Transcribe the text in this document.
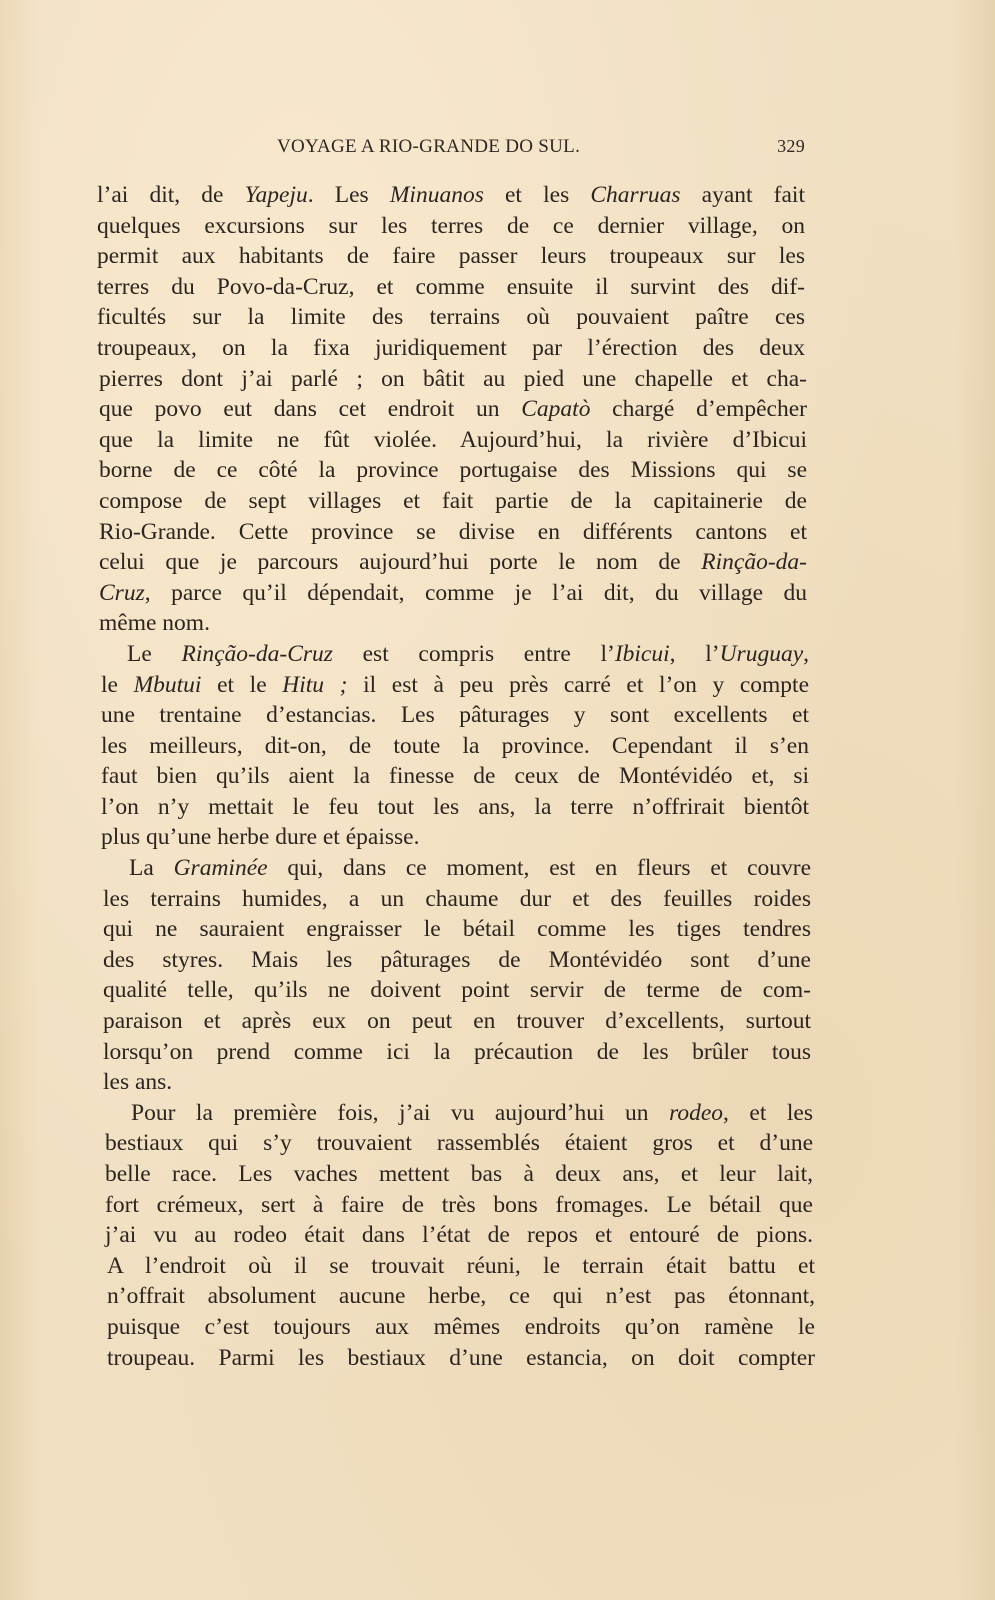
VOYAGE A RIO-GRANDE DO SUL.	329
l’ai dit, de Yapeju. Les Minuanos et les Charruas ayant fait
quelques excursions sur les terres de ce dernier village, on
permit aux habitants de faire passer leurs troupeaux sur les
terres du Povo-da-Cruz, et comme ensuite il survint des dif-
ficultés sur la limite des terrains où pouvaient paître ces
troupeaux, on la fixa juridiquement par l’érection des deux
pierres dont j’ai parlé ; on bâtit au pied une chapelle et cha-
que povo eut dans cet endroit un Capatò chargé d’empêcher
que la limite ne fût violée. Aujourd’hui, la rivière d’Ibicui
borne de ce côté la province portugaise des Missions qui se
compose de sept villages et fait partie de la capitainerie de
Rio-Grande. Cette province se divise en différents cantons et
celui que je parcours aujourd’hui porte le nom de Rinção-da-
Cruz, parce qu’il dépendait, comme je l’ai dit, du village du
même nom.
Le Rinção-da-Cruz est compris entre l’Ibicui, l’Uruguay,
le Mbutui et le Hitu ; il est à peu près carré et l’on y compte
une trentaine d’estancias. Les pâturages y sont excellents et
les meilleurs, dit-on, de toute la province. Cependant il s’en
faut bien qu’ils aient la finesse de ceux de Montévidéo et, si
l’on n’y mettait le feu tout les ans, la terre n’offrirait bientôt
plus qu’une herbe dure et épaisse.
La Graminée qui, dans ce moment, est en fleurs et couvre
les terrains humides, a un chaume dur et des feuilles roides
qui ne sauraient engraisser le bétail comme les tiges tendres
des styres. Mais les pâturages de Montévidéo sont d’une
qualité telle, qu’ils ne doivent point servir de terme de com-
paraison et après eux on peut en trouver d’excellents, surtout
lorsqu’on prend comme ici la précaution de les brûler tous
les ans.
Pour la première fois, j’ai vu aujourd’hui un rodeo, et les
bestiaux qui s’y trouvaient rassemblés étaient gros et d’une
belle race. Les vaches mettent bas à deux ans, et leur lait,
fort crémeux, sert à faire de très bons fromages. Le bétail que
j’ai vu au rodeo était dans l’état de repos et entouré de pions.
A l’endroit où il se trouvait réuni, le terrain était battu et
n’offrait absolument aucune herbe, ce qui n’est pas étonnant,
puisque c’est toujours aux mêmes endroits qu’on ramène le
troupeau. Parmi les bestiaux d’une estancia, on doit compter
